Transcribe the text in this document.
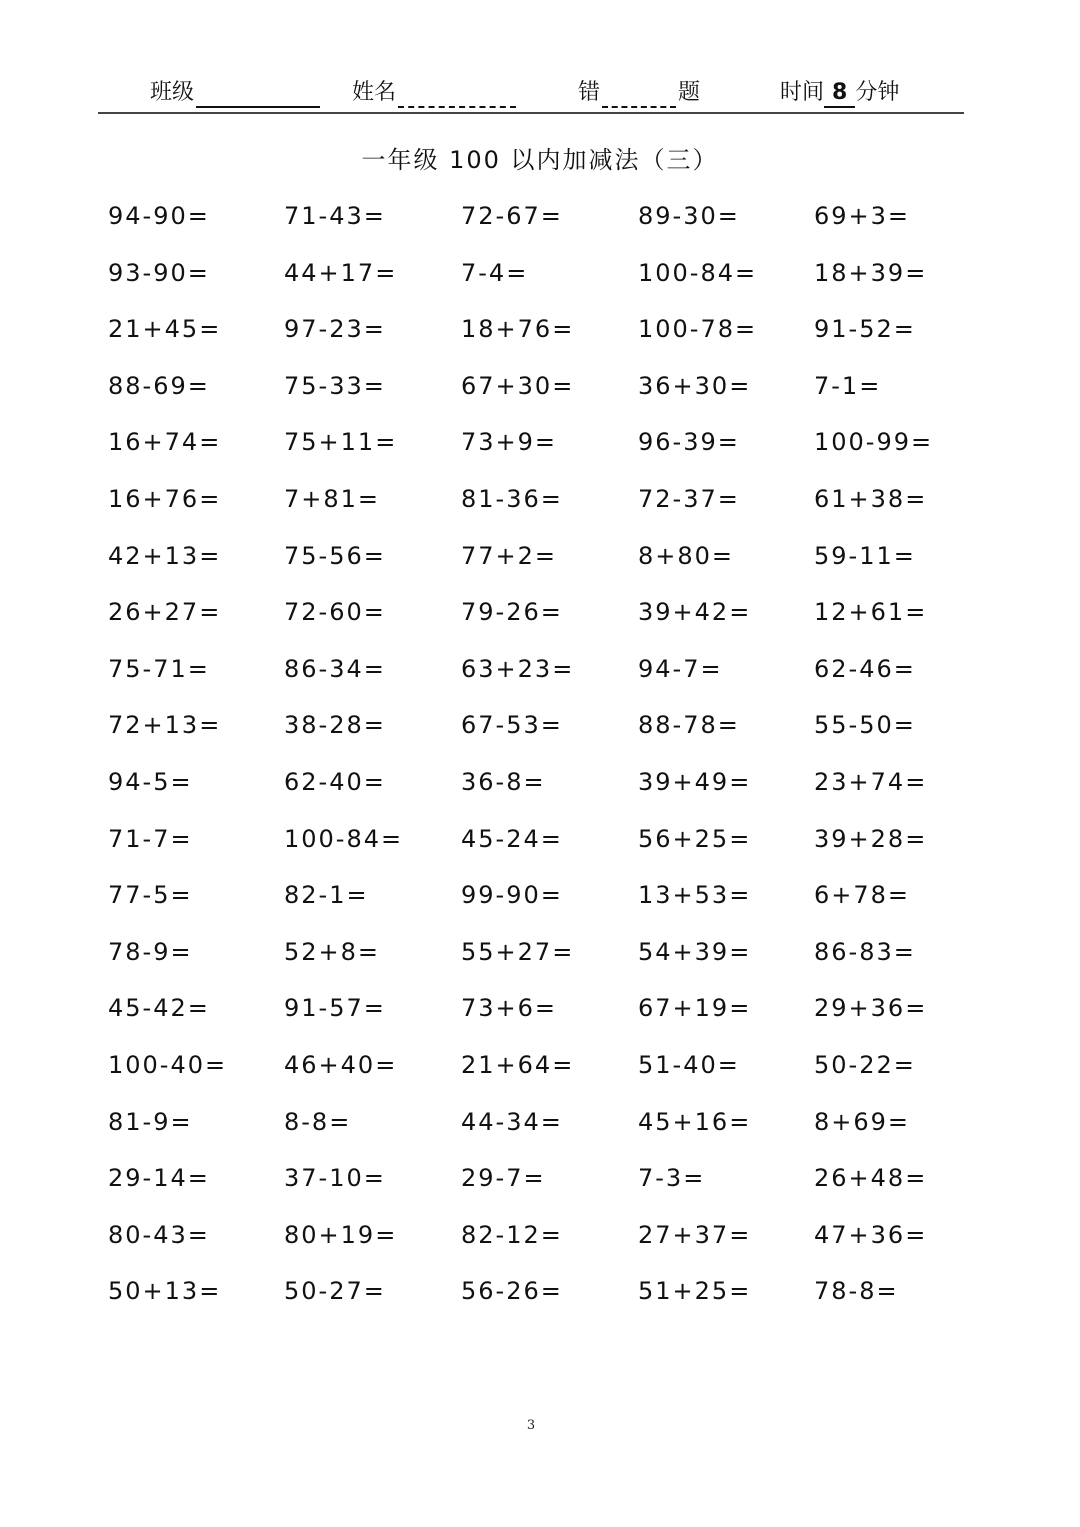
班级	姓名	错	题	时间 8 分钟
一年级 100 以内加减法（三）
94-90=	71-43=	72-67=	89-30=	69+3=
93-90=	44+17=	7-4=	100-84= 18+39=
21+45=	97-23=	18+76=	100-78= 91-52=
88-69=	75-33=	67+30=	36+30=	7-1=
16+74=	75+11=	73+9=	96-39=	100-99=
16+76=	7+81=	81-36=	72-37=	61+38=
42+13=	75-56=	77+2=	8+80=	59-11=
26+27=	72-60=	79-26=	39+42=	12+61=
75-71=	86-34=	63+23=	94-7=	62-46=
72+13=	38-28=	67-53=	88-78=	55-50=
94-5=	62-40=	36-8=	39+49=	23+74=
71-7=	100-84= 45-24=	56+25=	39+28=
77-5=	82-1=	99-90=	13+53=	6+78=
78-9=	52+8=	55+27=	54+39=	86-83=
45-42=	91-57=	73+6=	67+19=	29+36=
100-40= 46+40=	21+64=	51-40=	50-22=
81-9=	8-8=	44-34=	45+16=	8+69=
29-14=	37-10=	29-7=	7-3=	26+48=
80-43=	80+19=	82-12=	27+37=	47+36=
50+13=	50-27=	56-26=	51+25=	78-8=
3
